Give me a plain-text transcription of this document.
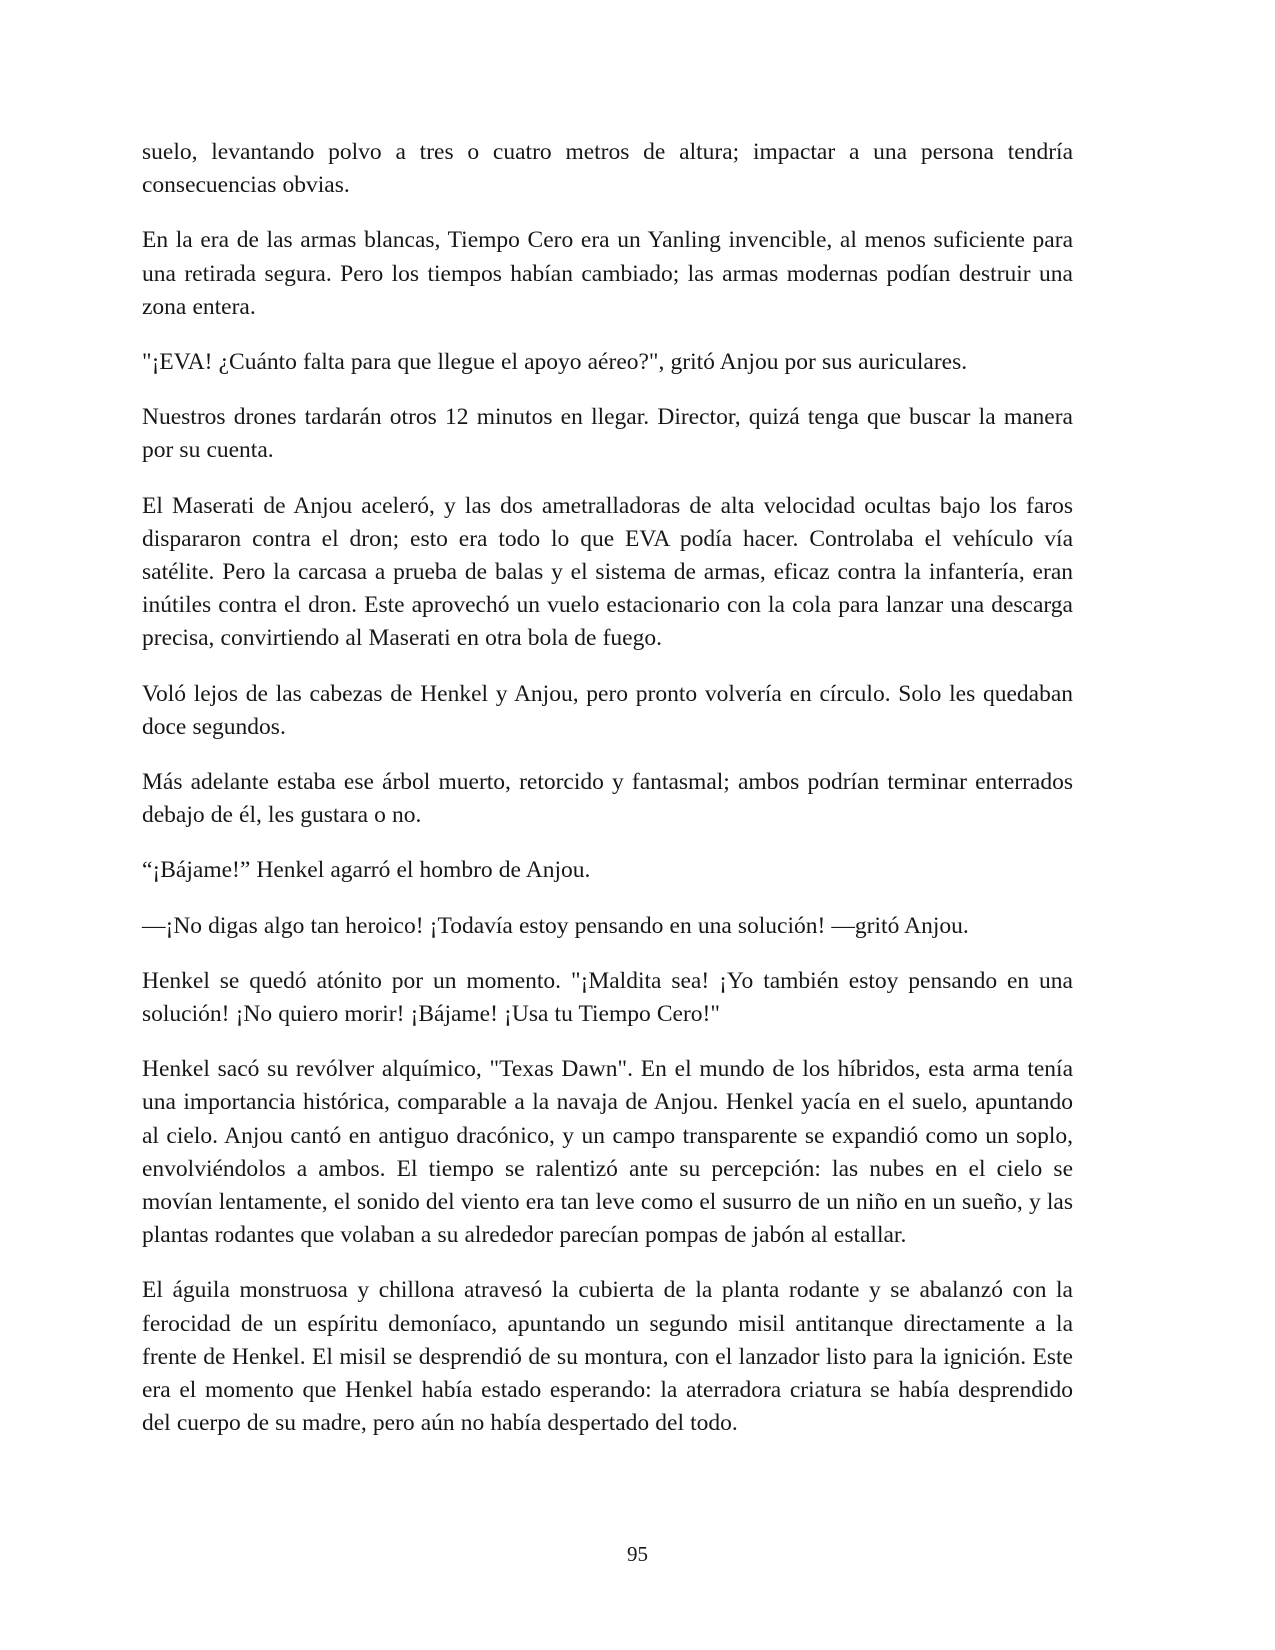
suelo, levantando polvo a tres o cuatro metros de altura; impactar a una persona tendría consecuencias obvias.

En la era de las armas blancas, Tiempo Cero era un Yanling invencible, al menos suficiente para una retirada segura. Pero los tiempos habían cambiado; las armas modernas podían destruir una zona entera.

"¡EVA! ¿Cuánto falta para que llegue el apoyo aéreo?", gritó Anjou por sus auriculares.

Nuestros drones tardarán otros 12 minutos en llegar. Director, quizá tenga que buscar la manera por su cuenta.

El Maserati de Anjou aceleró, y las dos ametralladoras de alta velocidad ocultas bajo los faros dispararon contra el dron; esto era todo lo que EVA podía hacer. Controlaba el vehículo vía satélite. Pero la carcasa a prueba de balas y el sistema de armas, eficaz contra la infantería, eran inútiles contra el dron. Este aprovechó un vuelo estacionario con la cola para lanzar una descarga precisa, convirtiendo al Maserati en otra bola de fuego.

Voló lejos de las cabezas de Henkel y Anjou, pero pronto volvería en círculo. Solo les quedaban doce segundos.

Más adelante estaba ese árbol muerto, retorcido y fantasmal; ambos podrían terminar enterrados debajo de él, les gustara o no.

“¡Bájame!” Henkel agarró el hombro de Anjou.

—¡No digas algo tan heroico! ¡Todavía estoy pensando en una solución! —gritó Anjou.

Henkel se quedó atónito por un momento. "¡Maldita sea! ¡Yo también estoy pensando en una solución! ¡No quiero morir! ¡Bájame! ¡Usa tu Tiempo Cero!"

Henkel sacó su revólver alquímico, "Texas Dawn". En el mundo de los híbridos, esta arma tenía una importancia histórica, comparable a la navaja de Anjou. Henkel yacía en el suelo, apuntando al cielo. Anjou cantó en antiguo dracónico, y un campo transparente se expandió como un soplo, envolviéndolos a ambos. El tiempo se ralentizó ante su percepción: las nubes en el cielo se movían lentamente, el sonido del viento era tan leve como el susurro de un niño en un sueño, y las plantas rodantes que volaban a su alrededor parecían pompas de jabón al estallar.

El águila monstruosa y chillona atravesó la cubierta de la planta rodante y se abalanzó con la ferocidad de un espíritu demoníaco, apuntando un segundo misil antitanque directamente a la frente de Henkel. El misil se desprendió de su montura, con el lanzador listo para la ignición. Este era el momento que Henkel había estado esperando: la aterradora criatura se había desprendido del cuerpo de su madre, pero aún no había despertado del todo.

95
